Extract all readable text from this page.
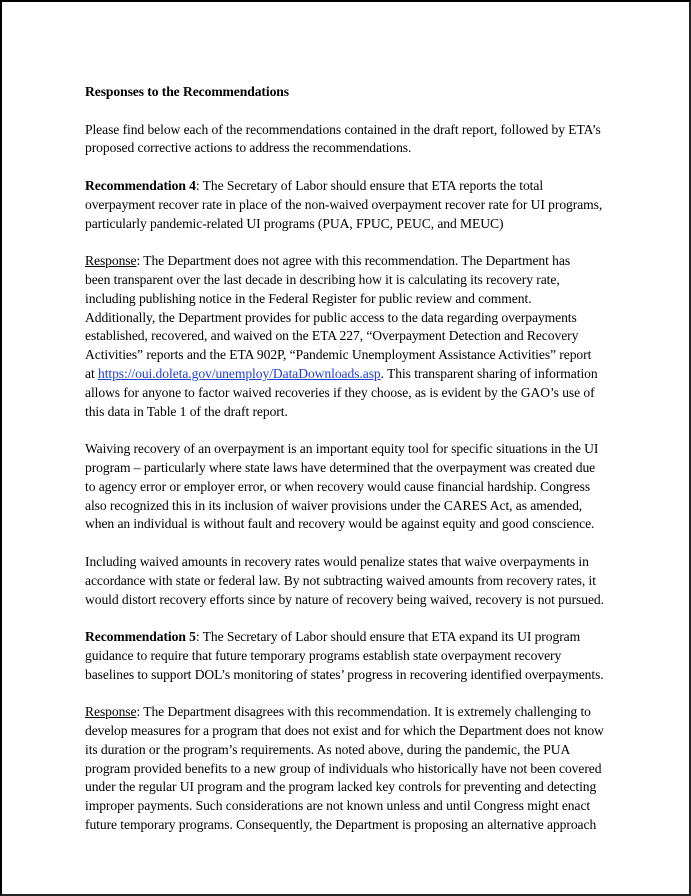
Responses to the Recommendations

Please find below each of the recommendations contained in the draft report, followed by ETA’s
proposed corrective actions to address the recommendations.

Recommendation 4: The Secretary of Labor should ensure that ETA reports the total
overpayment recover rate in place of the non-waived overpayment recover rate for UI programs,
particularly pandemic-related UI programs (PUA, FPUC, PEUC, and MEUC)

Response: The Department does not agree with this recommendation. The Department has
been transparent over the last decade in describing how it is calculating its recovery rate,
including publishing notice in the Federal Register for public review and comment.
Additionally, the Department provides for public access to the data regarding overpayments
established, recovered, and waived on the ETA 227, “Overpayment Detection and Recovery
Activities” reports and the ETA 902P, “Pandemic Unemployment Assistance Activities” report
at https://oui.doleta.gov/unemploy/DataDownloads.asp. This transparent sharing of information
allows for anyone to factor waived recoveries if they choose, as is evident by the GAO’s use of
this data in Table 1 of the draft report.

Waiving recovery of an overpayment is an important equity tool for specific situations in the UI
program – particularly where state laws have determined that the overpayment was created due
to agency error or employer error, or when recovery would cause financial hardship. Congress
also recognized this in its inclusion of waiver provisions under the CARES Act, as amended,
when an individual is without fault and recovery would be against equity and good conscience.

Including waived amounts in recovery rates would penalize states that waive overpayments in
accordance with state or federal law. By not subtracting waived amounts from recovery rates, it
would distort recovery efforts since by nature of recovery being waived, recovery is not pursued.

Recommendation 5: The Secretary of Labor should ensure that ETA expand its UI program
guidance to require that future temporary programs establish state overpayment recovery
baselines to support DOL’s monitoring of states’ progress in recovering identified overpayments.

Response: The Department disagrees with this recommendation. It is extremely challenging to
develop measures for a program that does not exist and for which the Department does not know
its duration or the program’s requirements. As noted above, during the pandemic, the PUA
program provided benefits to a new group of individuals who historically have not been covered
under the regular UI program and the program lacked key controls for preventing and detecting
improper payments. Such considerations are not known unless and until Congress might enact
future temporary programs. Consequently, the Department is proposing an alternative approach
